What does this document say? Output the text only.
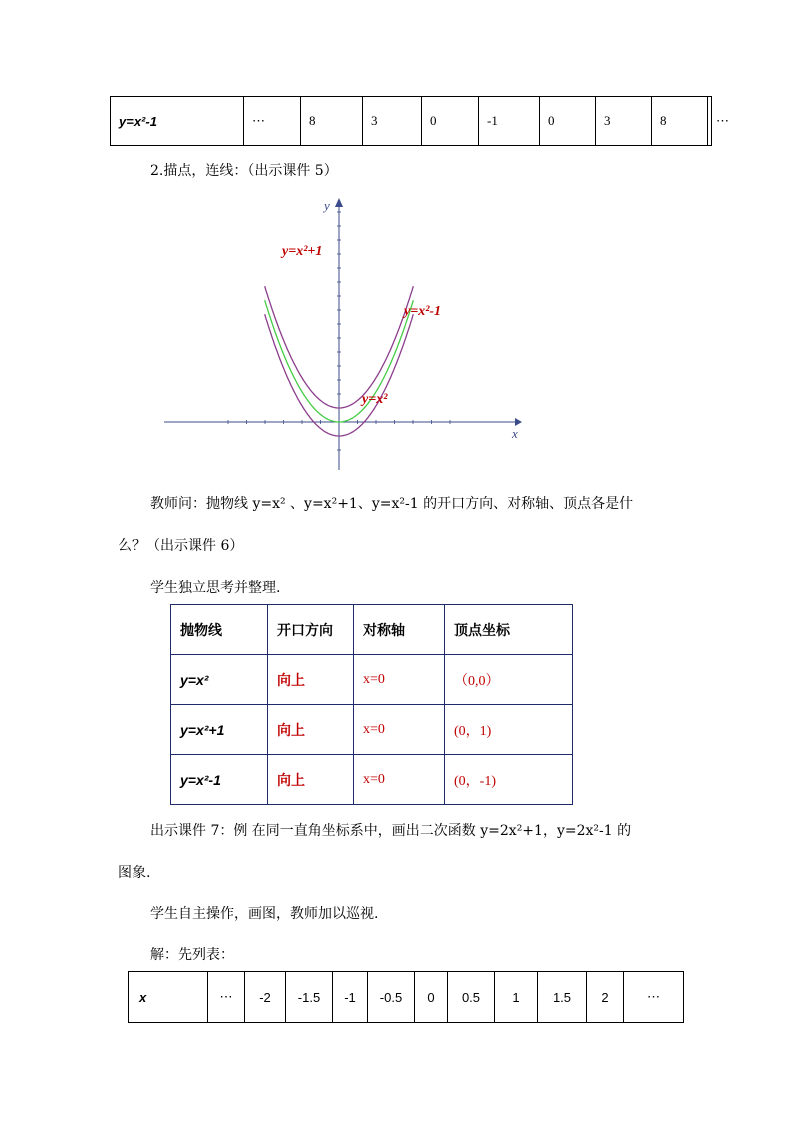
y=x²-1	⋯	8	3	0	-1	0	3	8	⋯
2.描点，连线：（出示课件 5）
x
y
y=x²+1
y=x²-1
y=x²
教师问：抛物线 y=x² 、y=x²+1、y=x²-1 的开口方向、对称轴、顶点各是什
么？（出示课件 6）
学生独立思考并整理.
抛物线	开口方向	对称轴	顶点坐标
y=x²	向上	x=0	（0,0）
y=x²+1	向上	x=0	(0，1)
y=x²-1	向上	x=0	(0，-1)
出示课件 7：例 在同一直角坐标系中，画出二次函数 y=2x²+1，y=2x²-1 的
图象.
学生自主操作，画图，教师加以巡视.
解：先列表：
x	⋯	-2	-1.5	-1	-0.5	0	0.5	1	1.5	2	⋯
